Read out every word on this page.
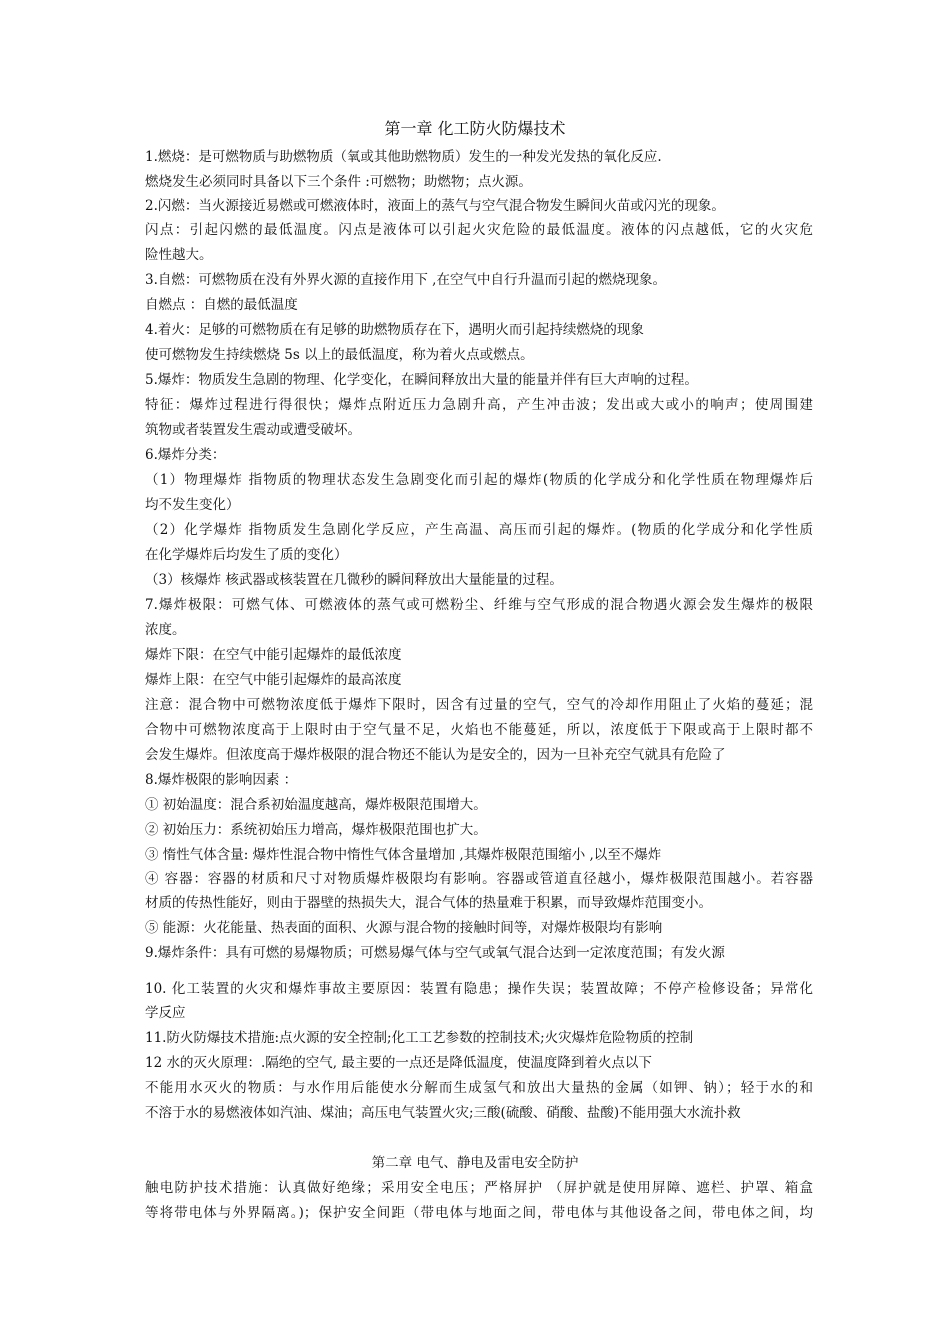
第一章 化工防火防爆技术
1.燃烧：是可燃物质与助燃物质（氧或其他助燃物质）发生的一种发光发热的氧化反应.
燃烧发生必须同时具备以下三个条件 :可燃物；助燃物；点火源。
2.闪燃：当火源接近易燃或可燃液体时，液面上的蒸气与空气混合物发生瞬间火苗或闪光的现象。
闪点：引起闪燃的最低温度。闪点是液体可以引起火灾危险的最低温度。液体的闪点越低，它的火灾危
险性越大。
3.自燃：可燃物质在没有外界火源的直接作用下 ,在空气中自行升温而引起的燃烧现象。
自燃点 ：自燃的最低温度
4.着火：足够的可燃物质在有足够的助燃物质存在下，遇明火而引起持续燃烧的现象
使可燃物发生持续燃烧 5s 以上的最低温度，称为着火点或燃点。
5.爆炸：物质发生急剧的物理、化学变化，在瞬间释放出大量的能量并伴有巨大声响的过程。
特征：爆炸过程进行得很快；爆炸点附近压力急剧升高，产生冲击波；发出或大或小的响声；使周围建
筑物或者装置发生震动或遭受破坏。
6.爆炸分类：
（1）物理爆炸 指物质的物理状态发生急剧变化而引起的爆炸(物质的化学成分和化学性质在物理爆炸后
均不发生变化）
（2）化学爆炸 指物质发生急剧化学反应，产生高温、高压而引起的爆炸。(物质的化学成分和化学性质
在化学爆炸后均发生了质的变化）
（3）核爆炸 核武器或核装置在几微秒的瞬间释放出大量能量的过程。
7.爆炸极限：可燃气体、可燃液体的蒸气或可燃粉尘、纤维与空气形成的混合物遇火源会发生爆炸的极限
浓度。
爆炸下限：在空气中能引起爆炸的最低浓度
爆炸上限：在空气中能引起爆炸的最高浓度
注意：混合物中可燃物浓度低于爆炸下限时，因含有过量的空气，空气的冷却作用阻止了火焰的蔓延；混
合物中可燃物浓度高于上限时由于空气量不足，火焰也不能蔓延，所以，浓度低于下限或高于上限时都不
会发生爆炸。但浓度高于爆炸极限的混合物还不能认为是安全的，因为一旦补充空气就具有危险了
8.爆炸极限的影响因素 ：
① 初始温度：混合系初始温度越高，爆炸极限范围增大。
② 初始压力：系统初始压力增高，爆炸极限范围也扩大。
③ 惰性气体含量: 爆炸性混合物中惰性气体含量增加 ,其爆炸极限范围缩小 ,以至不爆炸
④ 容器：容器的材质和尺寸对物质爆炸极限均有影响。容器或管道直径越小，爆炸极限范围越小。若容器
材质的传热性能好，则由于器壁的热损失大，混合气体的热量难于积累，而导致爆炸范围变小。
⑤ 能源：火花能量、热表面的面积、火源与混合物的接触时间等，对爆炸极限均有影响
9.爆炸条件：具有可燃的易爆物质；可燃易爆气体与空气或氧气混合达到一定浓度范围；有发火源
10. 化工装置的火灾和爆炸事故主要原因：装置有隐患；操作失误；装置故障；不停产检修设备；异常化
学反应
11.防火防爆技术措施:点火源的安全控制;化工工艺参数的控制技术;火灾爆炸危险物质的控制
12 水的灭火原理：.隔绝的空气, 最主要的一点还是降低温度，使温度降到着火点以下
不能用水灭火的物质：与水作用后能使水分解而生成氢气和放出大量热的金属（如钾、钠）；轻于水的和
不溶于水的易燃液体如汽油、煤油；高压电气装置火灾;三酸(硫酸、硝酸、盐酸)不能用强大水流扑救
第二章 电气、静电及雷电安全防护
触电防护技术措施：认真做好绝缘；采用安全电压；严格屏护 （屏护就是使用屏障、遮栏、护罩、箱盒
等将带电体与外界隔离。)；保护安全间距（带电体与地面之间，带电体与其他设备之间，带电体之间，均
